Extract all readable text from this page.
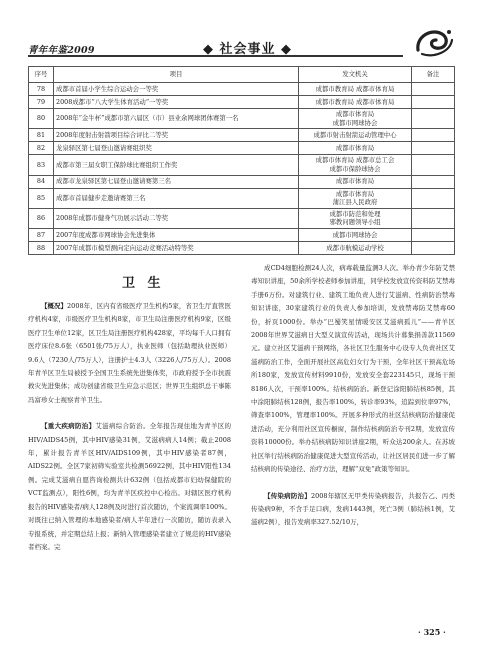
青年年鉴2009	◆ 社会事业 ◆
序号	项目	发文机关	备注
78	成都市首届小学生综合运动会一等奖	成都市教育局 成都市体育局	

79	2008成都市“八大学生体育活动”一等奖	成都市教育局 成都市体育局	

80	2008年“金牛杯”成都市第六届区（市）县业余网球团体赛第一名	成都市体育局
成都市网球协会	

81	2008年度射击射箭项目综合评比二等奖	成都市射击射箭运动管理中心	

82	龙泉驿区第七届登山邀请赛组织奖	成都市体育局	

83	成都市第三届女职工保龄球比赛组织工作奖	成都市体育局 成都市总工会
成都市保龄球协会	

84	成都市龙泉驿区第七届登山邀请赛第三名	成都市体育局	

85	成都市首届健步走邀请赛第三名	成都市体育局
蒲江县人民政府	

86	2008年成都市健身气功展示活动二等奖	成都市防范和处理
邪教问题领导小组	

87	2007年度成都市网球协会先进集体	成都市网球协会	

88	2007年成都市模型测向定向运动竞赛活动特等奖	成都市航模运动学校	

卫 生

【概况】2008年，区内有省级医疗卫生机构5家，省卫生厅直管医疗机构4家，市级医疗卫生机构8家，市卫生局注册医疗机构9家，区级医疗卫生单位12家，区卫生局注册医疗机构428家，平均每千人口拥有医疗床位8.6张（6501张/75万人），执业医师（包括助理执业医师）9.6人（7230人/75万人），注册护士4.3人（3226人/75万人）。2008年青羊区卫生局被授予全国卫生系统先进集体奖，市政府授予全市抗震救灾先进集体；成功创建省级卫生应急示范区；世界卫生组织总干事陈冯富珍女士视察青羊卫生。

【重大疾病防治】艾滋病综合防治。全年报告现住地为青羊区的HIV/AIDS45例，其中HIV感染31例，艾滋病病人14例；截止2008年，累计报告青羊区HIV/AIDS109例，其中HIV感染者87例，AIDS22例。全区7家初筛实验室共检测56922例，其中HIV阳性134例。完成艾滋病自愿咨询检测共计632例（包括成都市妇幼保健院的VCT监测点），阳性6例，均为青羊区疾控中心检出。对辖区医疗机构报告的HIV感染者/病人128例及时进行首次随访，个案流调率100%。对既往已纳入管理的本地感染者/病人半年进行一次随访，随访表录入专报系统，并定期总结上报；新纳入管理感染者建立了规范的HIV感染者档案。完

成CD4细胞检测24人次，病毒载量监测3人次。举办青少年防艾禁毒知识讲座，50余所学校老师参加讲座，同学校发放宣传资料防艾禁毒手册6万份。对建筑行业、建筑工地负责人进行艾滋病、性病防治禁毒知识讲座，30家建筑行业的负责人参加培训，发放禁毒防艾禁毒60份，折页1000份。举办“巴蜀笑星情暖安区艾滋病孤儿”——青羊区2008年世界艾滋病日大型义演宣传活动，现场共计募集捐善款11569元。建立社区艾滋病干预网络，各社区卫生服务中心设专人负责社区艾滋病防治工作，全面开展社区高危妇女行为干预，全年社区干预高危场所180家，发放宣传材料9910份，发放安全套223145只，现场干预8186人次，干预率100%。结核病防治。新登记涂阳肺结核85例，其中涂阳肺结核128例，报告率100%，转诊率93%，追踪到位率97%，筛查率100%，管理率100%。开展多种形式的社区结核病防治健康促进活动，充分利用社区宣传橱窗，制作结核病防治专刊2期，发放宣传资料10000份。举办结核病防知识讲座2期，听众达200余人。在苏坡社区举行结核病防治健康促进大型宣传活动，让社区居民们进一步了解结核病的传染途径、治疗方法，理解“双免”政策等知识。

【传染病防治】2008年辖区无甲类传染病报告，共报告乙、丙类传染病9种，不含手足口病，发病1443例，死亡3例（肺结核1例，艾滋病2例），报告发病率327.52/10万，

· 325 ·
